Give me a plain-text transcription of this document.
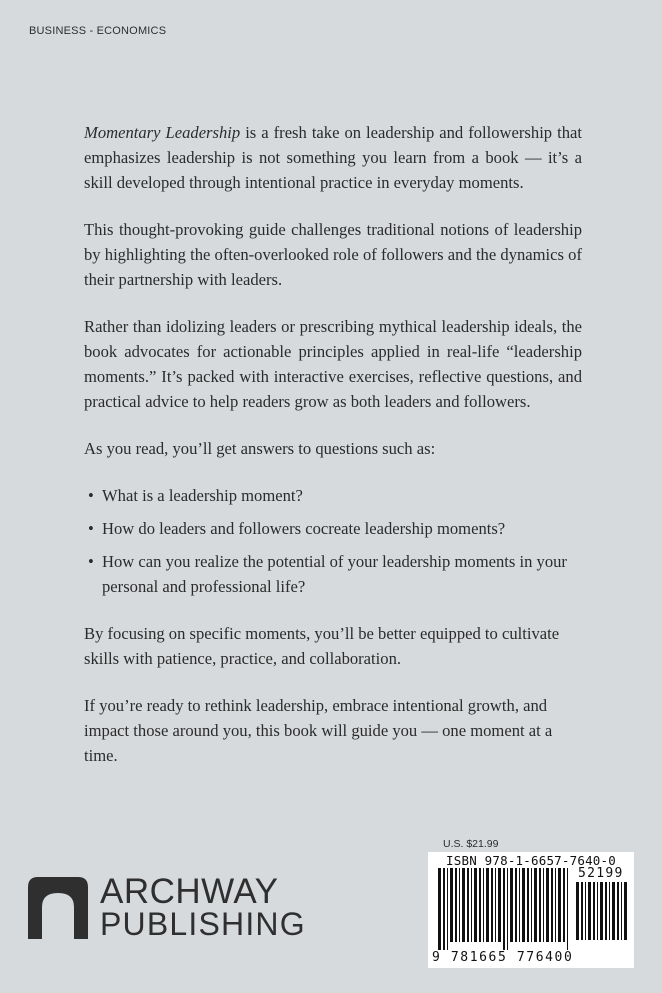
BUSINESS - ECONOMICS

Momentary Leadership is a fresh take on leadership and followership that emphasizes leadership is not something you learn from a book — it’s a skill developed through intentional practice in everyday moments.

This thought-provoking guide challenges traditional notions of leadership by highlighting the often-overlooked role of followers and the dynamics of their partnership with leaders.

Rather than idolizing leaders or prescribing mythical leadership ideals, the book advocates for actionable principles applied in real-life “leadership moments.” It’s packed with interactive exercises, reflective questions, and practical advice to help readers grow as both leaders and followers.

As you read, you’ll get answers to questions such as:

• What is a leadership moment?
• How do leaders and followers cocreate leadership moments?
• How can you realize the potential of your leadership moments in your personal and professional life?

By focusing on specific moments, you’ll be better equipped to cultivate skills with patience, practice, and collaboration.

If you’re ready to rethink leadership, embrace intentional growth, and impact those around you, this book will guide you — one moment at a time.

ARCHWAY
PUBLISHING
U.S. $21.99
ISBN 978-1-6657-7640-0
52199
9 781665 776400
